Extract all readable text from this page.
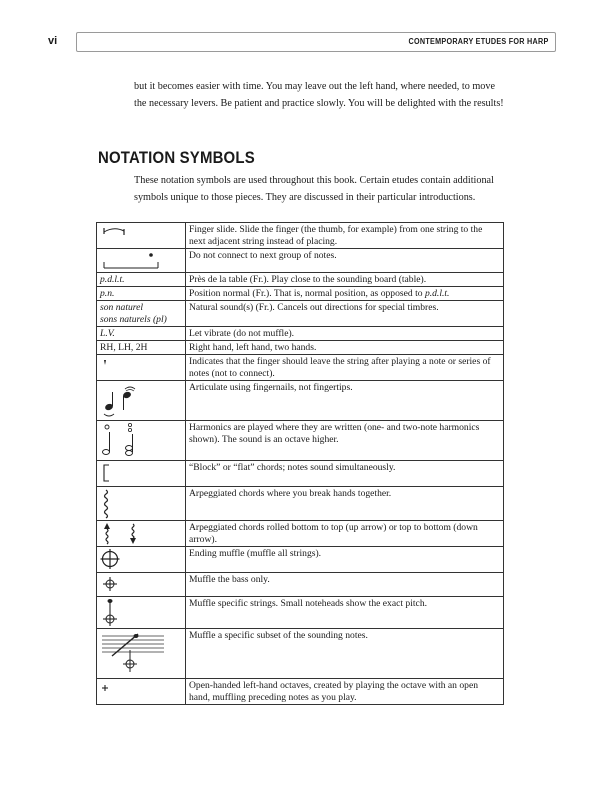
vi	CONTEMPORARY ETUDES FOR HARP

but it becomes easier with time. You may leave out the left hand, where needed, to move the necessary levers. Be patient and practice slowly. You will be delighted with the results!

NOTATION SYMBOLS

These notation symbols are used throughout this book. Certain etudes contain additional symbols unique to those pieces. They are discussed in their particular introductions.

	Finger slide. Slide the finger (the thumb, for example) from one string to the next adjacent string instead of placing.

	Do not connect to next group of notes.
p.d.l.t.	Près de la table (Fr.). Play close to the sounding board (table).
p.n.	Position normal (Fr.). That is, normal position, as opposed to p.d.l.t.

son naturel
sons naturels (pl)	Natural sound(s) (Fr.). Cancels out directions for special timbres.
L.V.	Let vibrate (do not muffle).
RH, LH, 2H	Right hand, left hand, two hands.

	Indicates that the finger should leave the string after playing a note or series of notes (not to connect).

	Articulate using fingernails, not fingertips.

	Harmonics are played where they are written (one- and two-note harmonics shown). The sound is an octave higher.

	“Block” or “flat” chords; notes sound simultaneously.

	Arpeggiated chords where you break hands together.

	Arpeggiated chords rolled bottom to top (up arrow) or top to bottom (down arrow).

	Ending muffle (muffle all strings).

	Muffle the bass only.

	Muffle specific strings. Small noteheads show the exact pitch.

	Muffle a specific subset of the sounding notes.

	Open-handed left-hand octaves, created by playing the octave with an open hand, muffling preceding notes as you play.
